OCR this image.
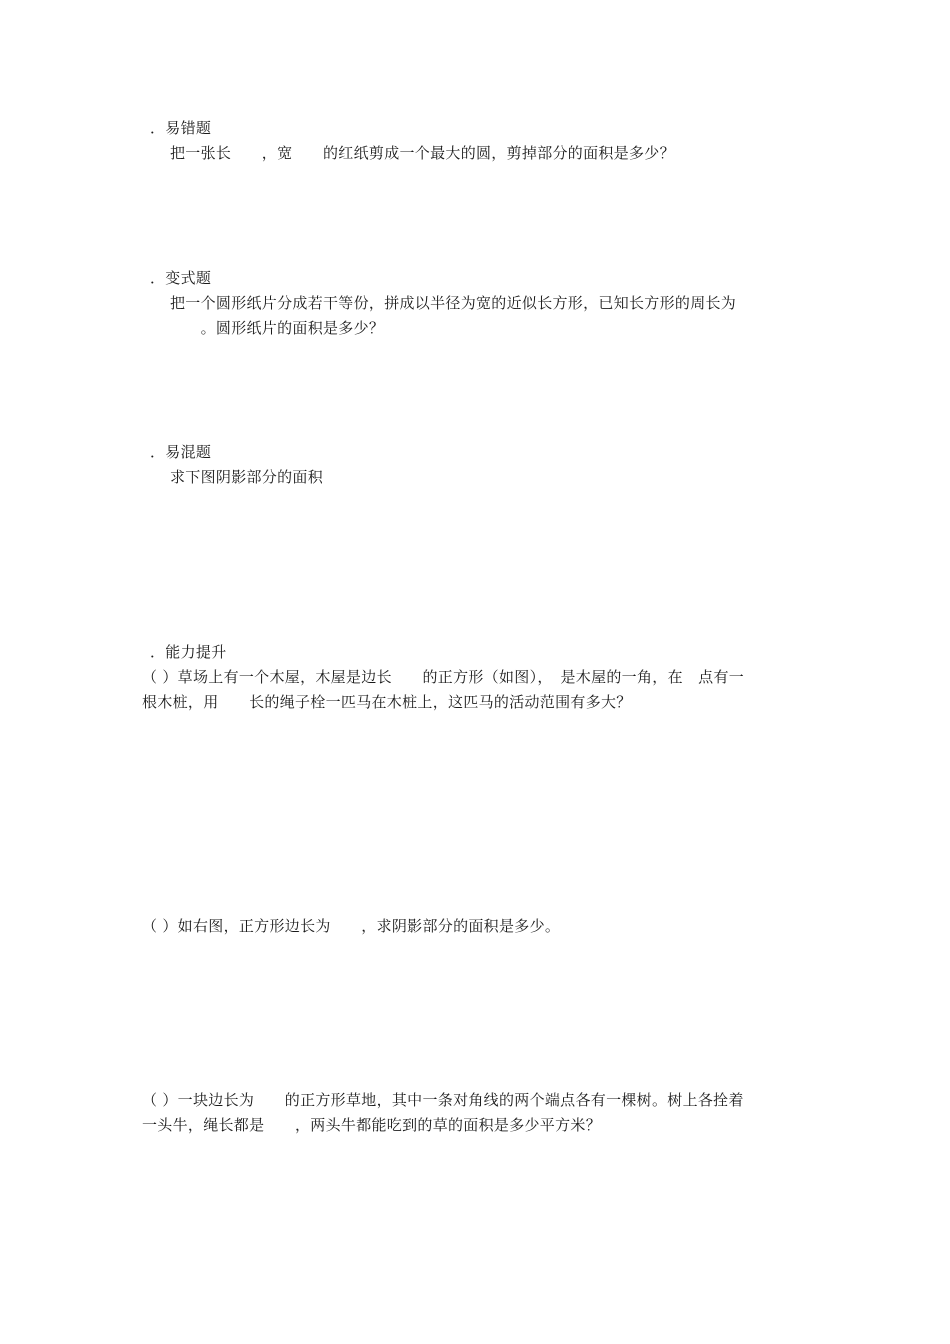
．易错题
把一张长　　，宽　　的红纸剪成一个最大的圆，剪掉部分的面积是多少？
．变式题
把一个圆形纸片分成若干等份，拼成以半径为宽的近似长方形，已知长方形的周长为
　　。圆形纸片的面积是多少？
．易混题
求下图阴影部分的面积
．能力提升
（ ）草场上有一个木屋，木屋是边长　　的正方形（如图），　是木屋的一角，在　点有一
根木桩，用　　长的绳子栓一匹马在木桩上，这匹马的活动范围有多大？
（ ）如右图，正方形边长为　　，求阴影部分的面积是多少。
（ ）一块边长为　　的正方形草地，其中一条对角线的两个端点各有一棵树。树上各拴着
一头牛，绳长都是　　，两头牛都能吃到的草的面积是多少平方米？
